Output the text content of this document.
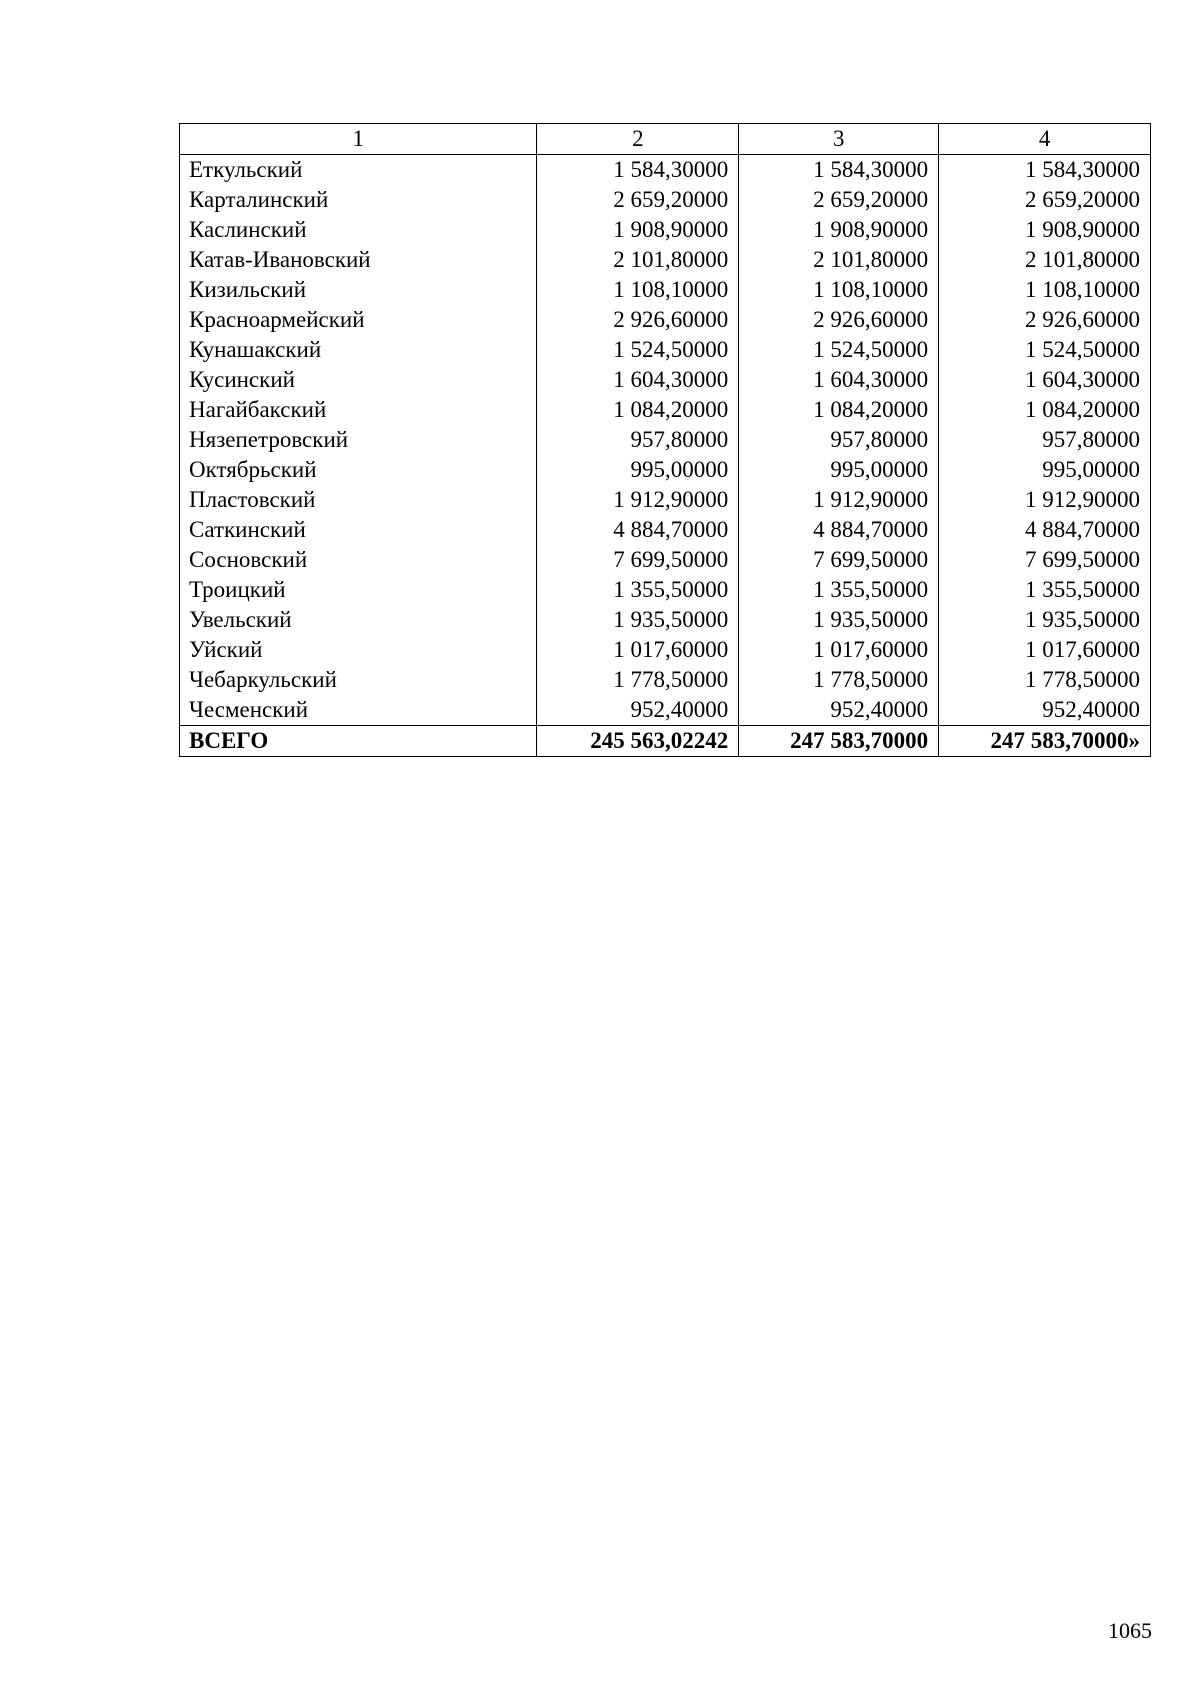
1	2	3	4
Еткульский	1 584,30000	1 584,30000	1 584,30000
Карталинский	2 659,20000	2 659,20000	2 659,20000
Каслинский	1 908,90000	1 908,90000	1 908,90000
Катав-Ивановский	2 101,80000	2 101,80000	2 101,80000
Кизильский	1 108,10000	1 108,10000	1 108,10000
Красноармейский	2 926,60000	2 926,60000	2 926,60000
Кунашакский	1 524,50000	1 524,50000	1 524,50000
Кусинский	1 604,30000	1 604,30000	1 604,30000
Нагайбакский	1 084,20000	1 084,20000	1 084,20000
Нязепетровский	957,80000	957,80000	957,80000
Октябрьский	995,00000	995,00000	995,00000
Пластовский	1 912,90000	1 912,90000	1 912,90000
Саткинский	4 884,70000	4 884,70000	4 884,70000
Сосновский	7 699,50000	7 699,50000	7 699,50000
Троицкий	1 355,50000	1 355,50000	1 355,50000
Увельский	1 935,50000	1 935,50000	1 935,50000
Уйский	1 017,60000	1 017,60000	1 017,60000
Чебаркульский	1 778,50000	1 778,50000	1 778,50000
Чесменский	952,40000	952,40000	952,40000
ВСЕГО	245 563,02242	247 583,70000	247 583,70000»
1065
